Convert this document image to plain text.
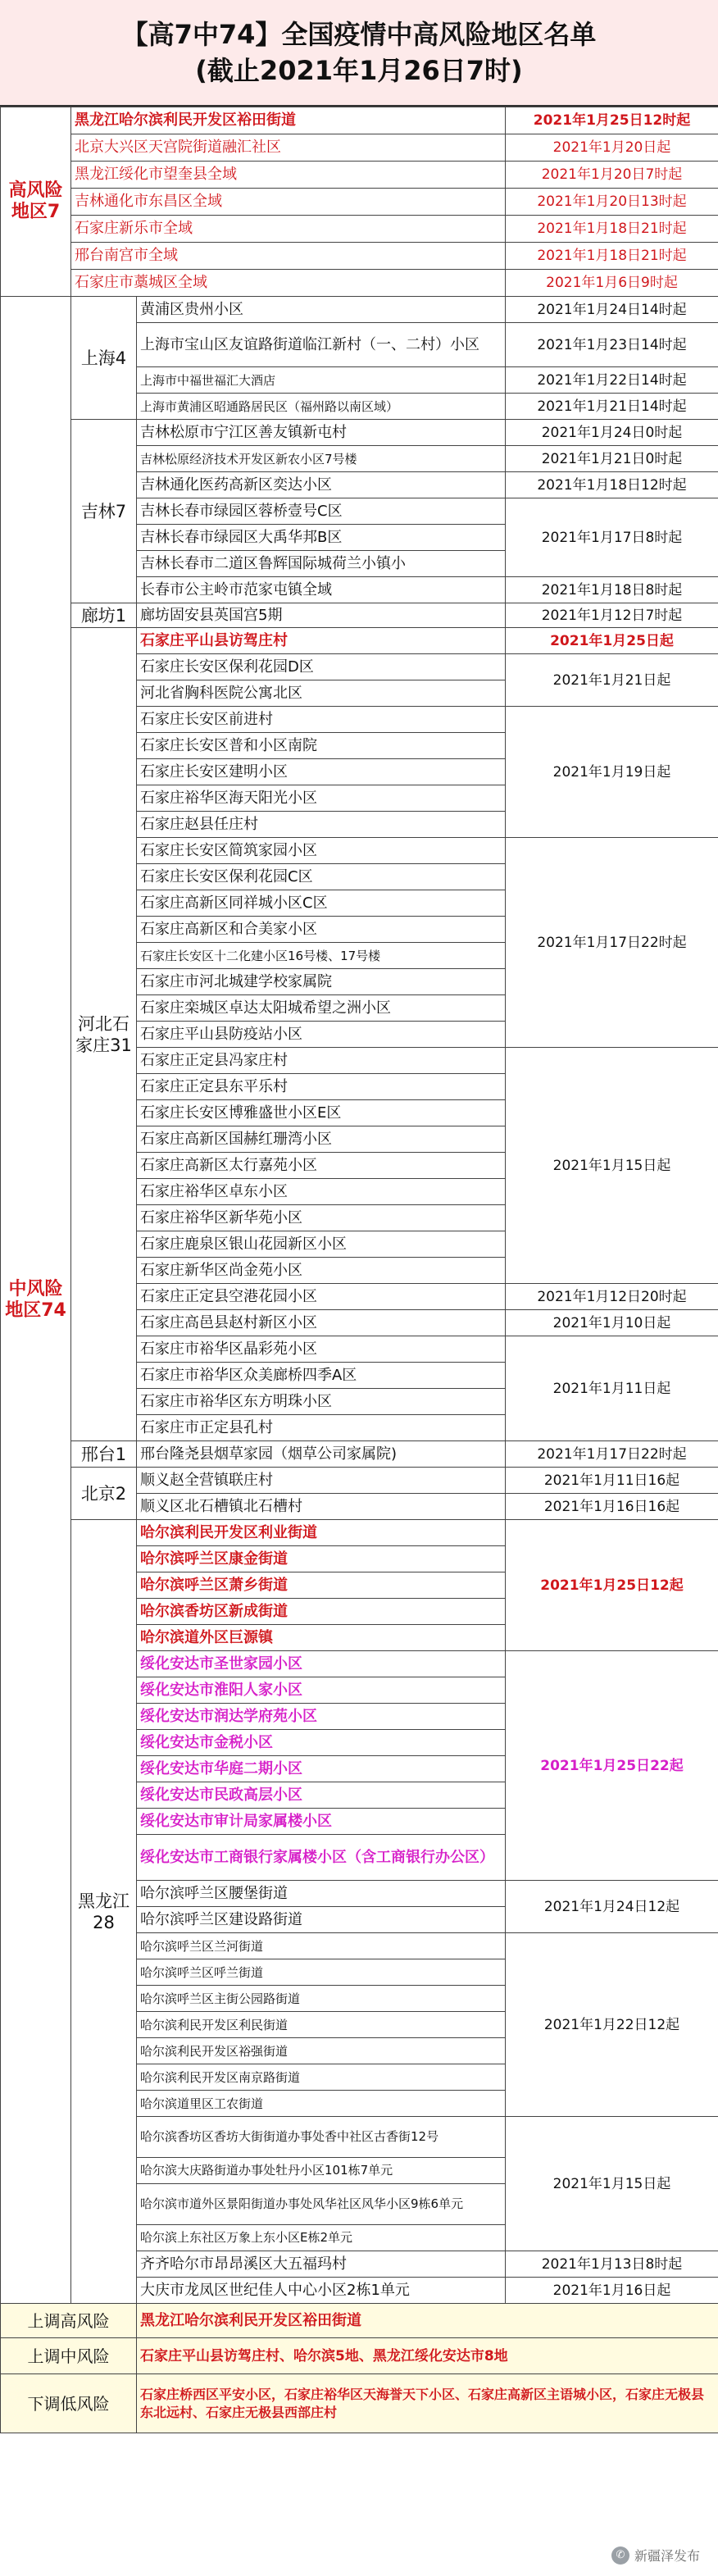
【高7中74】全国疫情中高风险地区名单
(截止2021年1月26日7时)
高风险地区7	黑龙江哈尔滨利民开发区裕田街道		2021年1月25日12时起
	北京大兴区天宫院街道融汇社区		2021年1月20日起
	黑龙江绥化市望奎县全域		2021年1月20日7时起
	吉林通化市东昌区全域		2021年1月20日13时起
	石家庄新乐市全域		2021年1月18日21时起
	邢台南宫市全域		2021年1月18日21时起
	石家庄市藁城区全域		2021年1月6日9时起
中风险地区74	上海4	黄浦区贵州小区	2021年1月24日14时起
		上海市宝山区友谊路街道临江新村（一、二村）小区	2021年1月23日14时起
		上海市中福世福汇大酒店	2021年1月22日14时起
		上海市黄浦区昭通路居民区（福州路以南区域）	2021年1月21日14时起
	吉林7	吉林松原市宁江区善友镇新屯村	2021年1月24日0时起
		吉林松原经济技术开发区新农小区7号楼	2021年1月21日0时起
		吉林通化医药高新区奕达小区	2021年1月18日12时起
		吉林长春市绿园区蓉桥壹号C区	2021年1月17日8时起
		吉林长春市绿园区大禹华邦B区	
		吉林长春市二道区鲁辉国际城荷兰小镇小	
		长春市公主岭市范家屯镇全域	2021年1月18日8时起
	廊坊1	廊坊固安县英国宫5期	2021年1月12日7时起
	河北石家庄31	石家庄平山县访驾庄村	2021年1月25日起
		石家庄长安区保利花园D区	2021年1月21日起
		河北省胸科医院公寓北区	
		石家庄长安区前进村	2021年1月19日起
		石家庄长安区普和小区南院	
		石家庄长安区建明小区	
		石家庄裕华区海天阳光小区	
		石家庄赵县任庄村	
		石家庄长安区简筑家园小区	2021年1月17日22时起
		石家庄长安区保利花园C区	
		石家庄高新区同祥城小区C区	
		石家庄高新区和合美家小区	
		石家庄长安区十二化建小区16号楼、17号楼	
		石家庄市河北城建学校家属院	
		石家庄栾城区卓达太阳城希望之洲小区	
		石家庄平山县防疫站小区	
		石家庄正定县冯家庄村	2021年1月15日起
		石家庄正定县东平乐村	
		石家庄长安区博雅盛世小区E区	
		石家庄高新区国赫红珊湾小区	
		石家庄高新区太行嘉苑小区	
		石家庄裕华区卓东小区	
		石家庄裕华区新华苑小区	
		石家庄鹿泉区银山花园新区小区	
		石家庄新华区尚金苑小区	
		石家庄正定县空港花园小区	2021年1月12日20时起
		石家庄高邑县赵村新区小区	2021年1月10日起
		石家庄市裕华区晶彩苑小区	2021年1月11日起
		石家庄市裕华区众美廊桥四季A区	
		石家庄市裕华区东方明珠小区	
		石家庄市正定县孔村	
	邢台1	邢台隆尧县烟草家园（烟草公司家属院)	2021年1月17日22时起
	北京2	顺义赵全营镇联庄村	2021年1月11日16起
		顺义区北石槽镇北石槽村	2021年1月16日16起
	黑龙江28	哈尔滨利民开发区利业街道	2021年1月25日12起
		哈尔滨呼兰区康金街道	
		哈尔滨呼兰区萧乡街道	
		哈尔滨香坊区新成街道	
		哈尔滨道外区巨源镇	
		绥化安达市圣世家园小区	2021年1月25日22起
		绥化安达市淮阳人家小区	
		绥化安达市润达学府苑小区	
		绥化安达市金税小区	
		绥化安达市华庭二期小区	
		绥化安达市民政高层小区	
		绥化安达市审计局家属楼小区	
		绥化安达市工商银行家属楼小区（含工商银行办公区）	
		哈尔滨呼兰区腰堡街道	2021年1月24日12起
		哈尔滨呼兰区建设路街道	
		哈尔滨呼兰区兰河街道	2021年1月22日12起
		哈尔滨呼兰区呼兰街道	
		哈尔滨呼兰区主街公园路街道	
		哈尔滨利民开发区利民街道	
		哈尔滨利民开发区裕强街道	
		哈尔滨利民开发区南京路街道	
		哈尔滨道里区工农街道	
		哈尔滨香坊区香坊大街街道办事处香中社区古香街12号	2021年1月15日起
		哈尔滨大庆路街道办事处牡丹小区101栋7单元	
		哈尔滨市道外区景阳街道办事处风华社区风华小区9栋6单元	
		哈尔滨上东社区万象上东小区E栋2单元	
		齐齐哈尔市昂昂溪区大五福玛村	2021年1月13日8时起
		大庆市龙凤区世纪佳人中心小区2栋1单元	2021年1月16日起
上调高风险		黑龙江哈尔滨利民开发区裕田街道	
上调中风险		石家庄平山县访驾庄村、哈尔滨5地、黑龙江绥化安达市8地	
下调低风险		石家庄桥西区平安小区，石家庄裕华区天海誉天下小区、石家庄高新区主语城小区，石家庄无极县东北远村、石家庄无极县西部庄村	
✆ 新疆泽发布
